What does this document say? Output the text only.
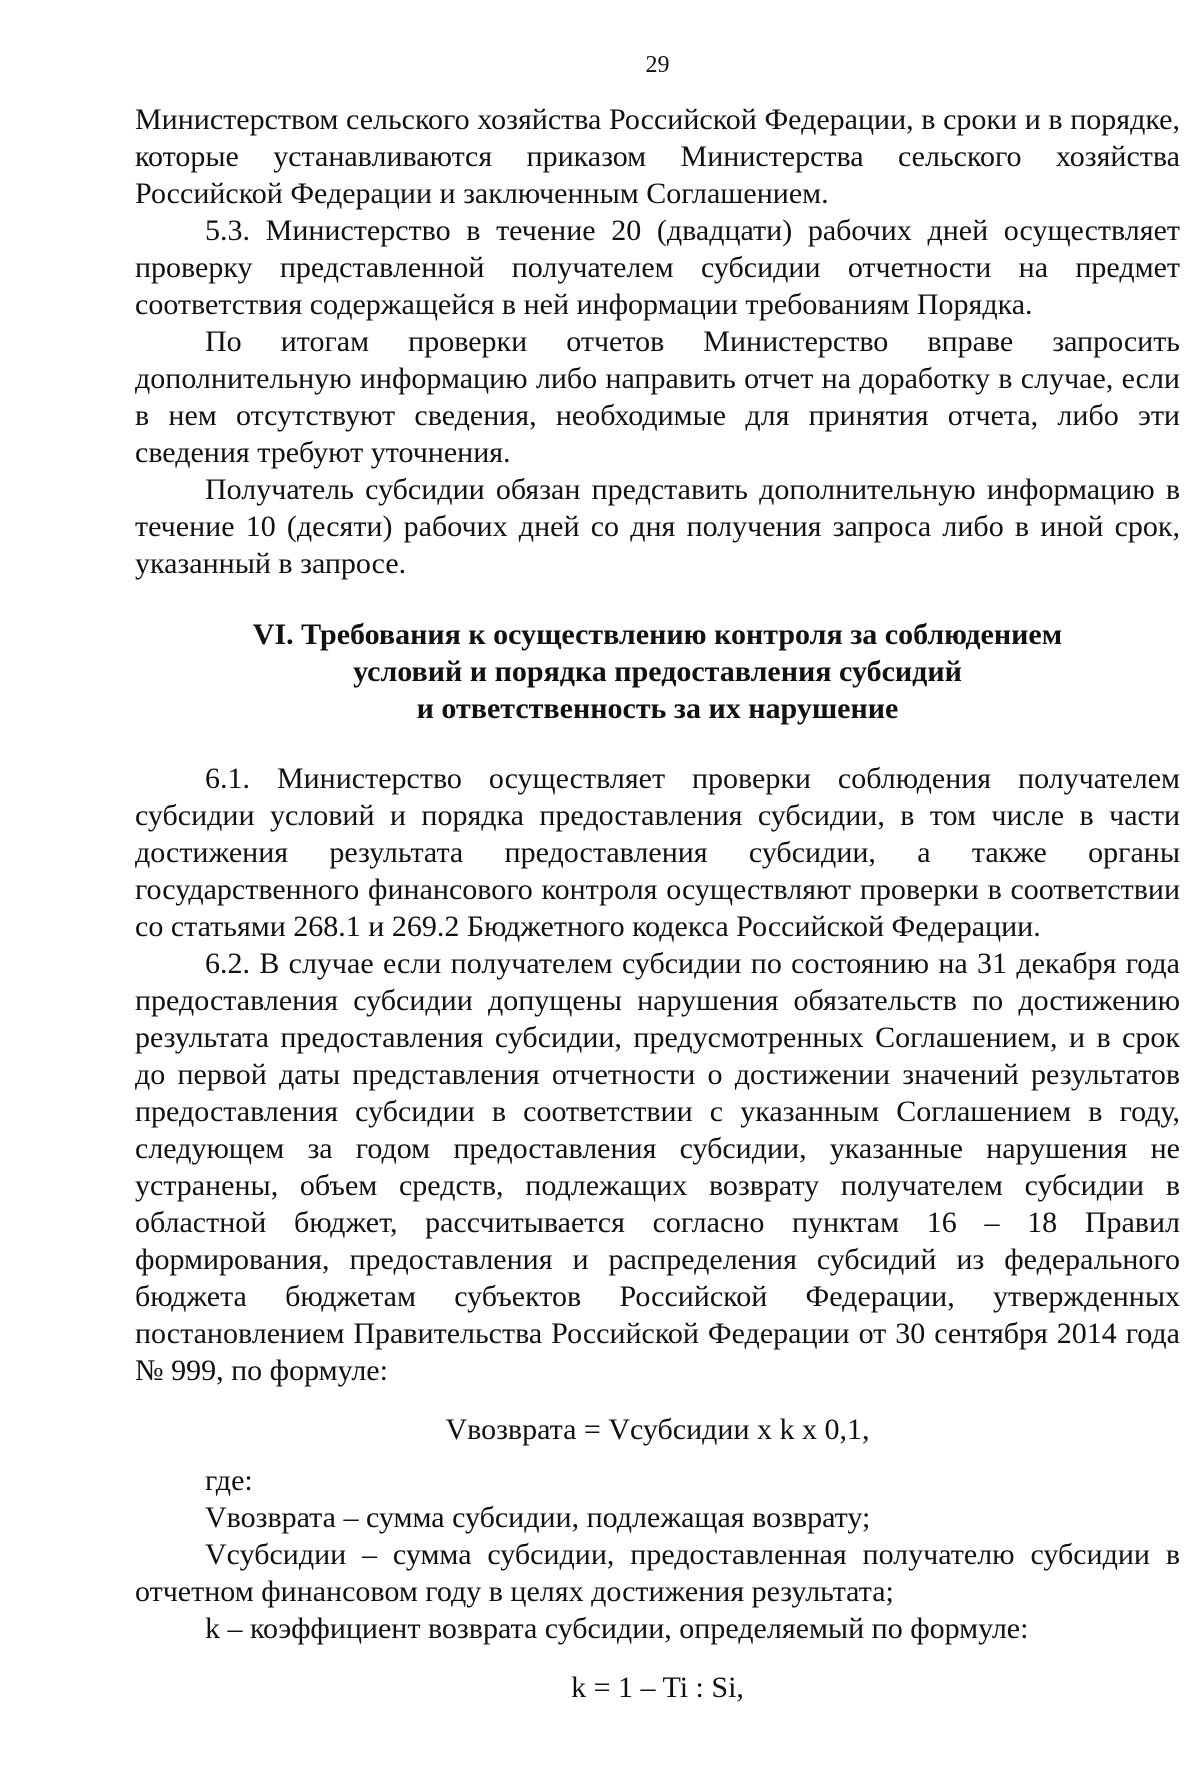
29

Министерством сельского хозяйства Российской Федерации, в сроки и в порядке, которые устанавливаются приказом Министерства сельского хозяйства Российской Федерации и заключенным Соглашением.

5.3. Министерство в течение 20 (двадцати) рабочих дней осуществляет проверку представленной получателем субсидии отчетности на предмет соответствия содержащейся в ней информации требованиям Порядка.

По итогам проверки отчетов Министерство вправе запросить дополнительную информацию либо направить отчет на доработку в случае, если в нем отсутствуют сведения, необходимые для принятия отчета, либо эти сведения требуют уточнения.

Получатель субсидии обязан представить дополнительную информацию в течение 10 (десяти) рабочих дней со дня получения запроса либо в иной срок, указанный в запросе.

VI. Требования к осуществлению контроля за соблюдением
условий и порядка предоставления субсидий
и ответственность за их нарушение

6.1. Министерство осуществляет проверки соблюдения получателем субсидии условий и порядка предоставления субсидии, в том числе в части достижения результата предоставления субсидии, а также органы государственного финансового контроля осуществляют проверки в соответствии со статьями 268.1 и 269.2 Бюджетного кодекса Российской Федерации.

6.2. В случае если получателем субсидии по состоянию на 31 декабря года предоставления субсидии допущены нарушения обязательств по достижению результата предоставления субсидии, предусмотренных Соглашением, и в срок до первой даты представления отчетности о достижении значений результатов предоставления субсидии в соответствии с указанным Соглашением в году, следующем за годом предоставления субсидии, указанные нарушения не устранены, объем средств, подлежащих возврату получателем субсидии в областной бюджет, рассчитывается согласно пунктам 16 – 18 Правил формирования, предоставления и распределения субсидий из федерального бюджета бюджетам субъектов Российской Федерации, утвержденных постановлением Правительства Российской Федерации от 30 сентября 2014 года № 999, по формуле:

Vвозврата = Vсубсидии x k x 0,1,

где:

Vвозврата – сумма субсидии, подлежащая возврату;

Vсубсидии – сумма субсидии, предоставленная получателю субсидии в отчетном финансовом году в целях достижения результата;

k – коэффициент возврата субсидии, определяемый по формуле:

k = 1 – Ti : Si,
